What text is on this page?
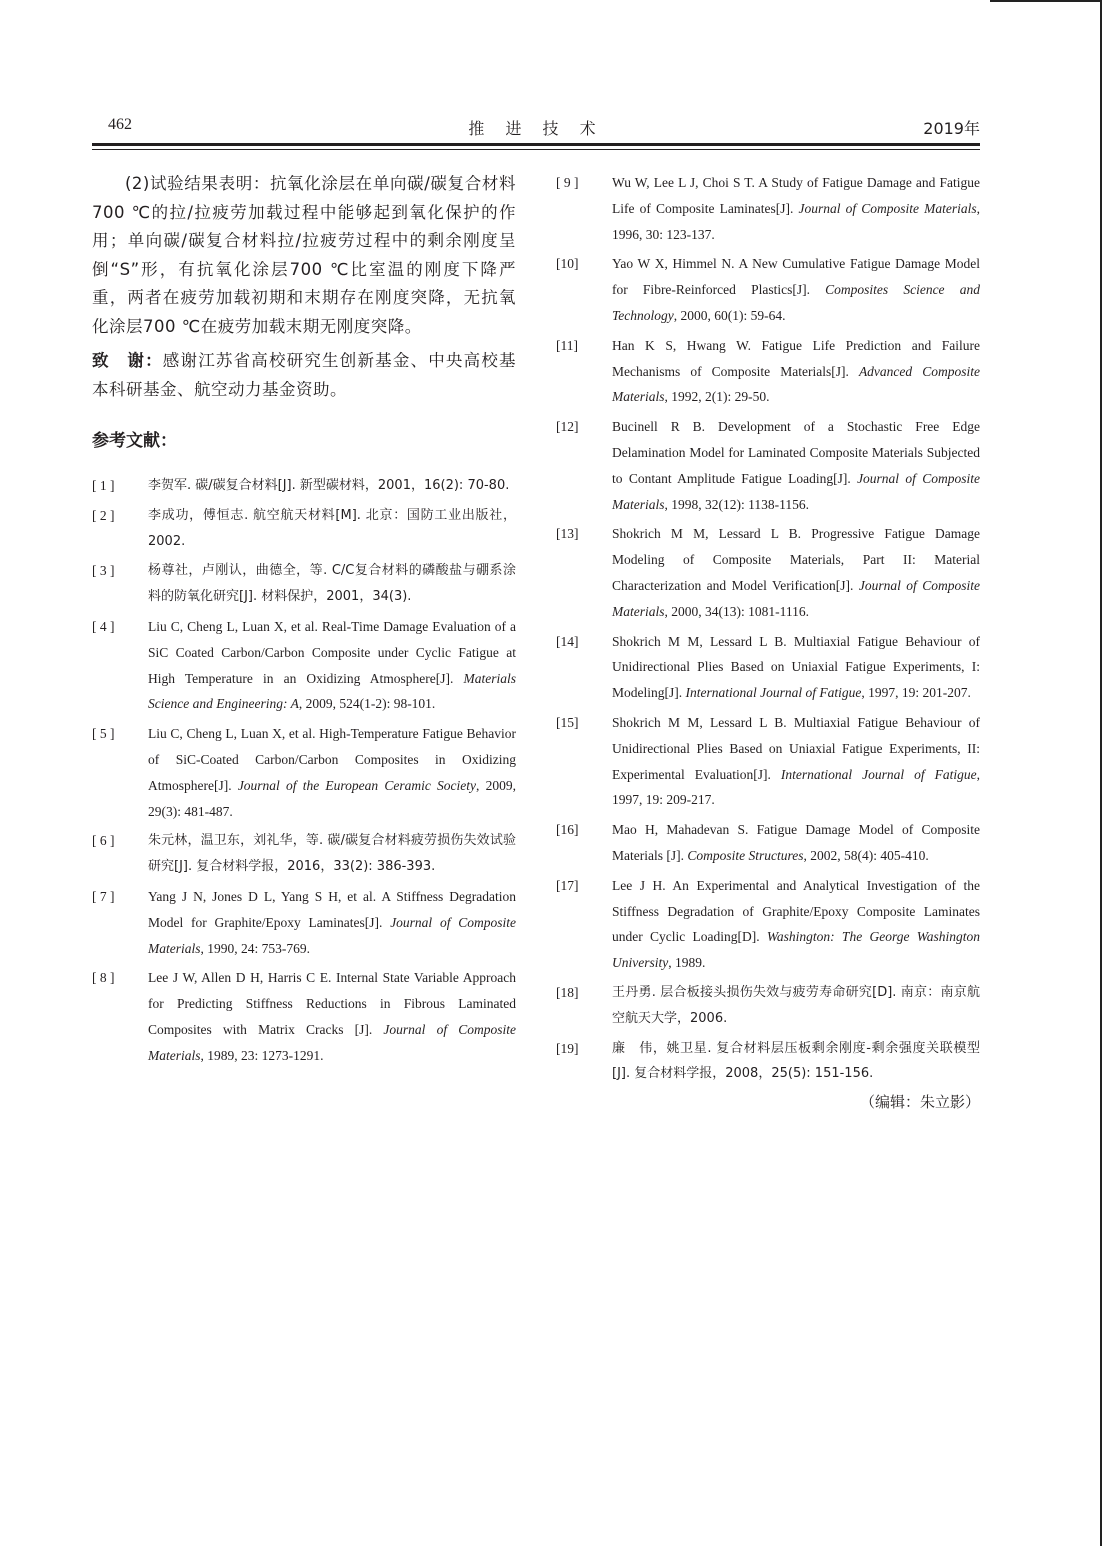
462	推 进 技 术	2019年

(2)试验结果表明：抗氧化涂层在单向碳/碳复合材料700 ℃的拉/拉疲劳加载过程中能够起到氧化保护的作用；单向碳/碳复合材料拉/拉疲劳过程中的剩余刚度呈倒“S”形，有抗氧化涂层700 ℃比室温的刚度下降严重，两者在疲劳加载初期和末期存在刚度突降，无抗氧化涂层700 ℃在疲劳加载末期无刚度突降。

致　谢：感谢江苏省高校研究生创新基金、中央高校基本科研基金、航空动力基金资助。

参考文献：
[ 1 ]	李贺军. 碳/碳复合材料[J]. 新型碳材料，2001，16(2): 70-80.
[ 2 ]	李成功，傅恒志. 航空航天材料[M]. 北京：国防工业出版社，2002.
[ 3 ]	杨尊社，卢刚认，曲德全，等. C/C复合材料的磷酸盐与硼系涂料的防氧化研究[J]. 材料保护，2001，34(3).
[ 4 ]	Liu C, Cheng L, Luan X, et al. Real-Time Damage Evaluation of a SiC Coated Carbon/Carbon Composite under Cyclic Fatigue at High Temperature in an Oxidizing Atmosphere[J]. Materials Science and Engineering: A, 2009, 524(1-2): 98-101.
[ 5 ]	Liu C, Cheng L, Luan X, et al. High-Temperature Fatigue Behavior of SiC-Coated Carbon/Carbon Composites in Oxidizing Atmosphere[J]. Journal of the European Ceramic Society, 2009, 29(3): 481-487.
[ 6 ]	朱元林，温卫东，刘礼华，等. 碳/碳复合材料疲劳损伤失效试验研究[J]. 复合材料学报，2016，33(2): 386-393.
[ 7 ]	Yang J N, Jones D L, Yang S H, et al. A Stiffness Degradation Model for Graphite/Epoxy Laminates[J]. Journal of Composite Materials, 1990, 24: 753-769.
[ 8 ]	Lee J W, Allen D H, Harris C E. Internal State Variable Approach for Predicting Stiffness Reductions in Fibrous Laminated Composites with Matrix Cracks [J]. Journal of Composite Materials, 1989, 23: 1273-1291.
[ 9 ]	Wu W, Lee L J, Choi S T. A Study of Fatigue Damage and Fatigue Life of Composite Laminates[J]. Journal of Composite Materials, 1996, 30: 123-137.
[10]	Yao W X, Himmel N. A New Cumulative Fatigue Damage Model for Fibre-Reinforced Plastics[J]. Composites Science and Technology, 2000, 60(1): 59-64.
[11]	Han K S, Hwang W. Fatigue Life Prediction and Failure Mechanisms of Composite Materials[J]. Advanced Composite Materials, 1992, 2(1): 29-50.
[12]	Bucinell R B. Development of a Stochastic Free Edge Delamination Model for Laminated Composite Materials Subjected to Contant Amplitude Fatigue Loading[J]. Journal of Composite Materials, 1998, 32(12): 1138-1156.
[13]	Shokrich M M, Lessard L B. Progressive Fatigue Damage Modeling of Composite Materials, Part II: Material Characterization and Model Verification[J]. Journal of Composite Materials, 2000, 34(13): 1081-1116.
[14]	Shokrich M M, Lessard L B. Multiaxial Fatigue Behaviour of Unidirectional Plies Based on Uniaxial Fatigue Experiments, I: Modeling[J]. International Journal of Fatigue, 1997, 19: 201-207.
[15]	Shokrich M M, Lessard L B. Multiaxial Fatigue Behaviour of Unidirectional Plies Based on Uniaxial Fatigue Experiments, II: Experimental Evaluation[J]. International Journal of Fatigue, 1997, 19: 209-217.
[16]	Mao H, Mahadevan S. Fatigue Damage Model of Composite Materials [J]. Composite Structures, 2002, 58(4): 405-410.
[17]	Lee J H. An Experimental and Analytical Investigation of the Stiffness Degradation of Graphite/Epoxy Composite Laminates under Cyclic Loading[D]. Washington: The George Washington University, 1989.
[18]	王丹勇. 层合板接头损伤失效与疲劳寿命研究[D]. 南京：南京航空航天大学，2006.
[19]	廉　伟，姚卫星. 复合材料层压板剩余刚度-剩余强度关联模型[J]. 复合材料学报，2008，25(5): 151-156.
（编辑：朱立影）
